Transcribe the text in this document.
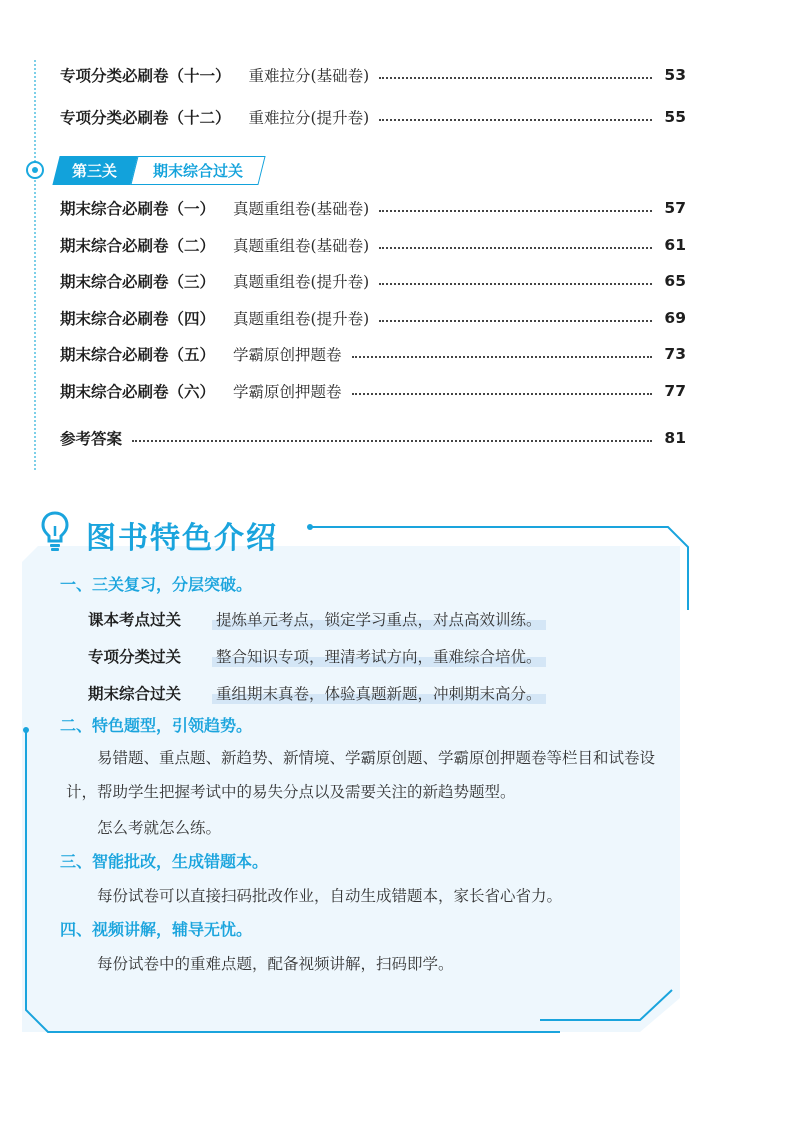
专项分类必刷卷（十一） 重难拉分(基础卷)	53
专项分类必刷卷（十二） 重难拉分(提升卷)	55
第三关	期末综合过关
期末综合必刷卷（一） 真题重组卷(基础卷)	57
期末综合必刷卷（二） 真题重组卷(基础卷)	61
期末综合必刷卷（三） 真题重组卷(提升卷)	65
期末综合必刷卷（四） 真题重组卷(提升卷)	69
期末综合必刷卷（五） 学霸原创押题卷	73
期末综合必刷卷（六） 学霸原创押题卷	77
参考答案	81
图书特色介绍
一、三关复习，分层突破。
课本考点过关	提炼单元考点，锁定学习重点，对点高效训练。
专项分类过关	整合知识专项，理清考试方向，重难综合培优。
期末综合过关	重组期末真卷，体验真题新题，冲刺期末高分。
二、特色题型，引领趋势。
易错题、重点题、新趋势、新情境、学霸原创题、学霸原创押题卷等栏目和试卷设计，帮助学生把握考试中的易失分点以及需要关注的新趋势题型。
怎么考就怎么练。
三、智能批改，生成错题本。
每份试卷可以直接扫码批改作业，自动生成错题本，家长省心省力。
四、视频讲解，辅导无忧。
每份试卷中的重难点题，配备视频讲解，扫码即学。
